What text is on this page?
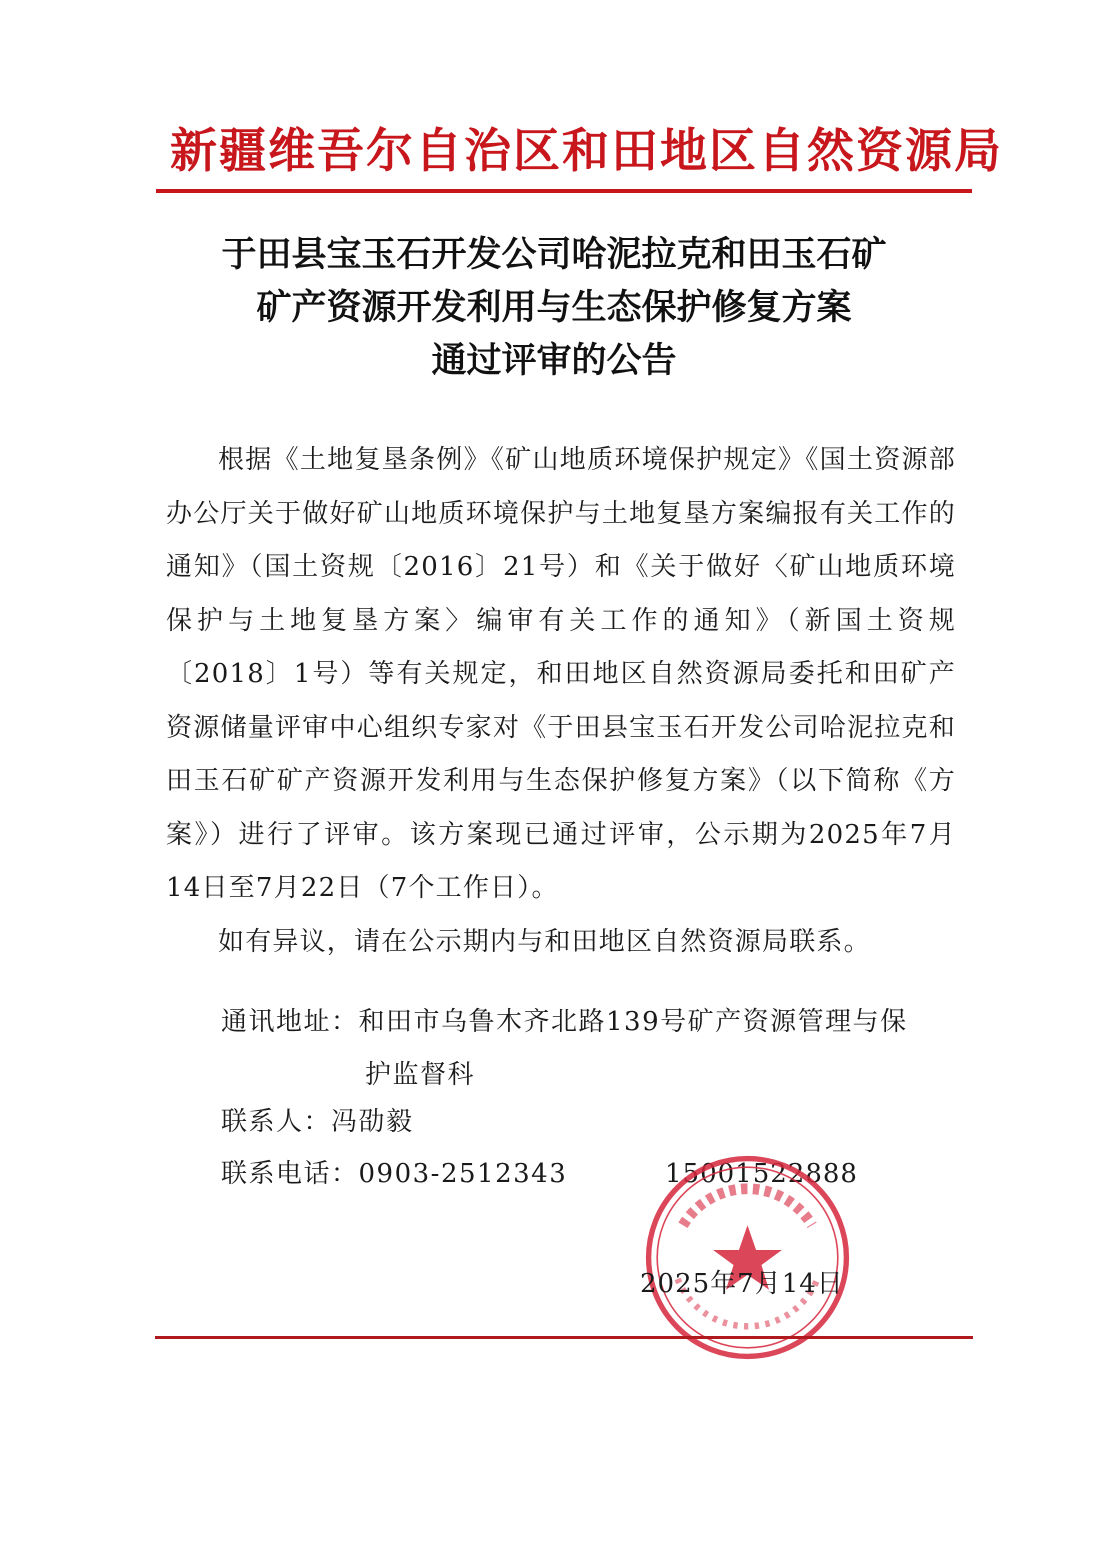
新疆维吾尔自治区和田地区自然资源局
于田县宝玉石开发公司哈泥拉克和田玉石矿
矿产资源开发利用与生态保护修复方案
通过评审的公告

根据《土地复垦条例》《矿山地质环境保护规定》《国土资源部办公厅关于做好矿山地质环境保护与土地复垦方案编报有关工作的通知》（国土资规〔2016〕21号）和《关于做好〈矿山地质环境保护与土地复垦方案〉编审有关工作的通知》（新国土资规〔2018〕1号）等有关规定，和田地区自然资源局委托和田矿产资源储量评审中心组织专家对《于田县宝玉石开发公司哈泥拉克和田玉石矿矿产资源开发利用与生态保护修复方案》（以下简称《方案》）进行了评审。该方案现已通过评审，公示期为2025年7月14日至7月22日（7个工作日）。

如有异议，请在公示期内与和田地区自然资源局联系。

通讯地址：和田市乌鲁木齐北路139号矿产资源管理与保
护监督科
联系人：冯劭毅
联系电话：0903-2512343	15001522888
2025年7月14日
